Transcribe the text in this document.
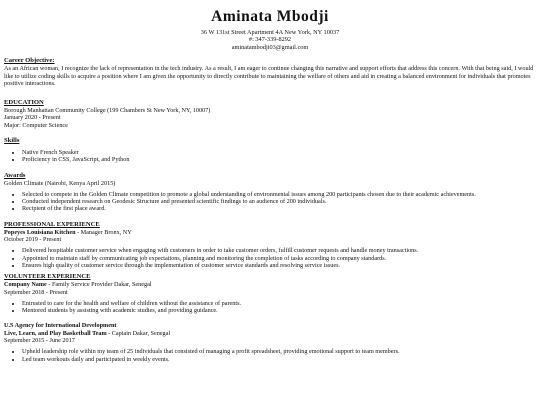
Aminata Mbodji
36 W 131st Street Apartment 4A New York, NY 10037
#: 347-339-8292
aminatambodji03@gmail.com
Career Objective:
As an African woman, I recognize the lack of representation in the tech industry. As a result, I am eager to continue changing this narrative and support efforts that address this concern. With that being said, I would like to utilize coding skills to acquire a position where I am given the opportunity to directly contribute to maintaining the welfare of others and aid in creating a balanced environment for individuals that promotes positive interactions.
EDUCATION
Borough Manhattan Community College (199 Chambers St New York, NY, 10007)
January 2020 - Present
Major: Computer Science
Skills
• Native French Speaker
• Proficiency in CSS, JavaScript, and Python
Awards
Golden Climate (Nairobi, Kenya April 2015)
• Selected to compete in the Golden Climate competition to promote a global understanding of environmental issues among 200 participants chosen due to their academic achievements.
• Conducted independent research on Geodesic Structure and presented scientific findings to an audience of 200 individuals.
• Recipient of the first place award.
PROFESSIONAL EXPERIENCE
Popeyes Louisiana Kitchen - Manager Bronx, NY
October 2019 - Present
• Delivered hospitable customer service when engaging with customers in order to take customer orders, fulfill customer requests and handle money transactions.
• Appointed to maintain staff by communicating job expectations, planning and monitoring the completion of tasks according to company standards.
• Ensures high quality of customer service through the implementation of customer service standards and resolving service issues.
VOLUNTEER EXPERIENCE
Company Name - Family Service Provider Dakar, Senegal
September 2018 - Present
• Entrusted to care for the health and welfare of children without the assistance of parents.
• Mentored students by assisting with academic studies, and providing guidance.
U.S Agency for International Development
Live, Learn, and Play Basketball Team - Captain Dakar, Senegal
September 2015 - June 2017
• Upheld leadership role within my team of 25 individuals that consisted of managing a profit spreadsheet, providing emotional support to team members.
• Led team workouts daily and participated in weekly events.
